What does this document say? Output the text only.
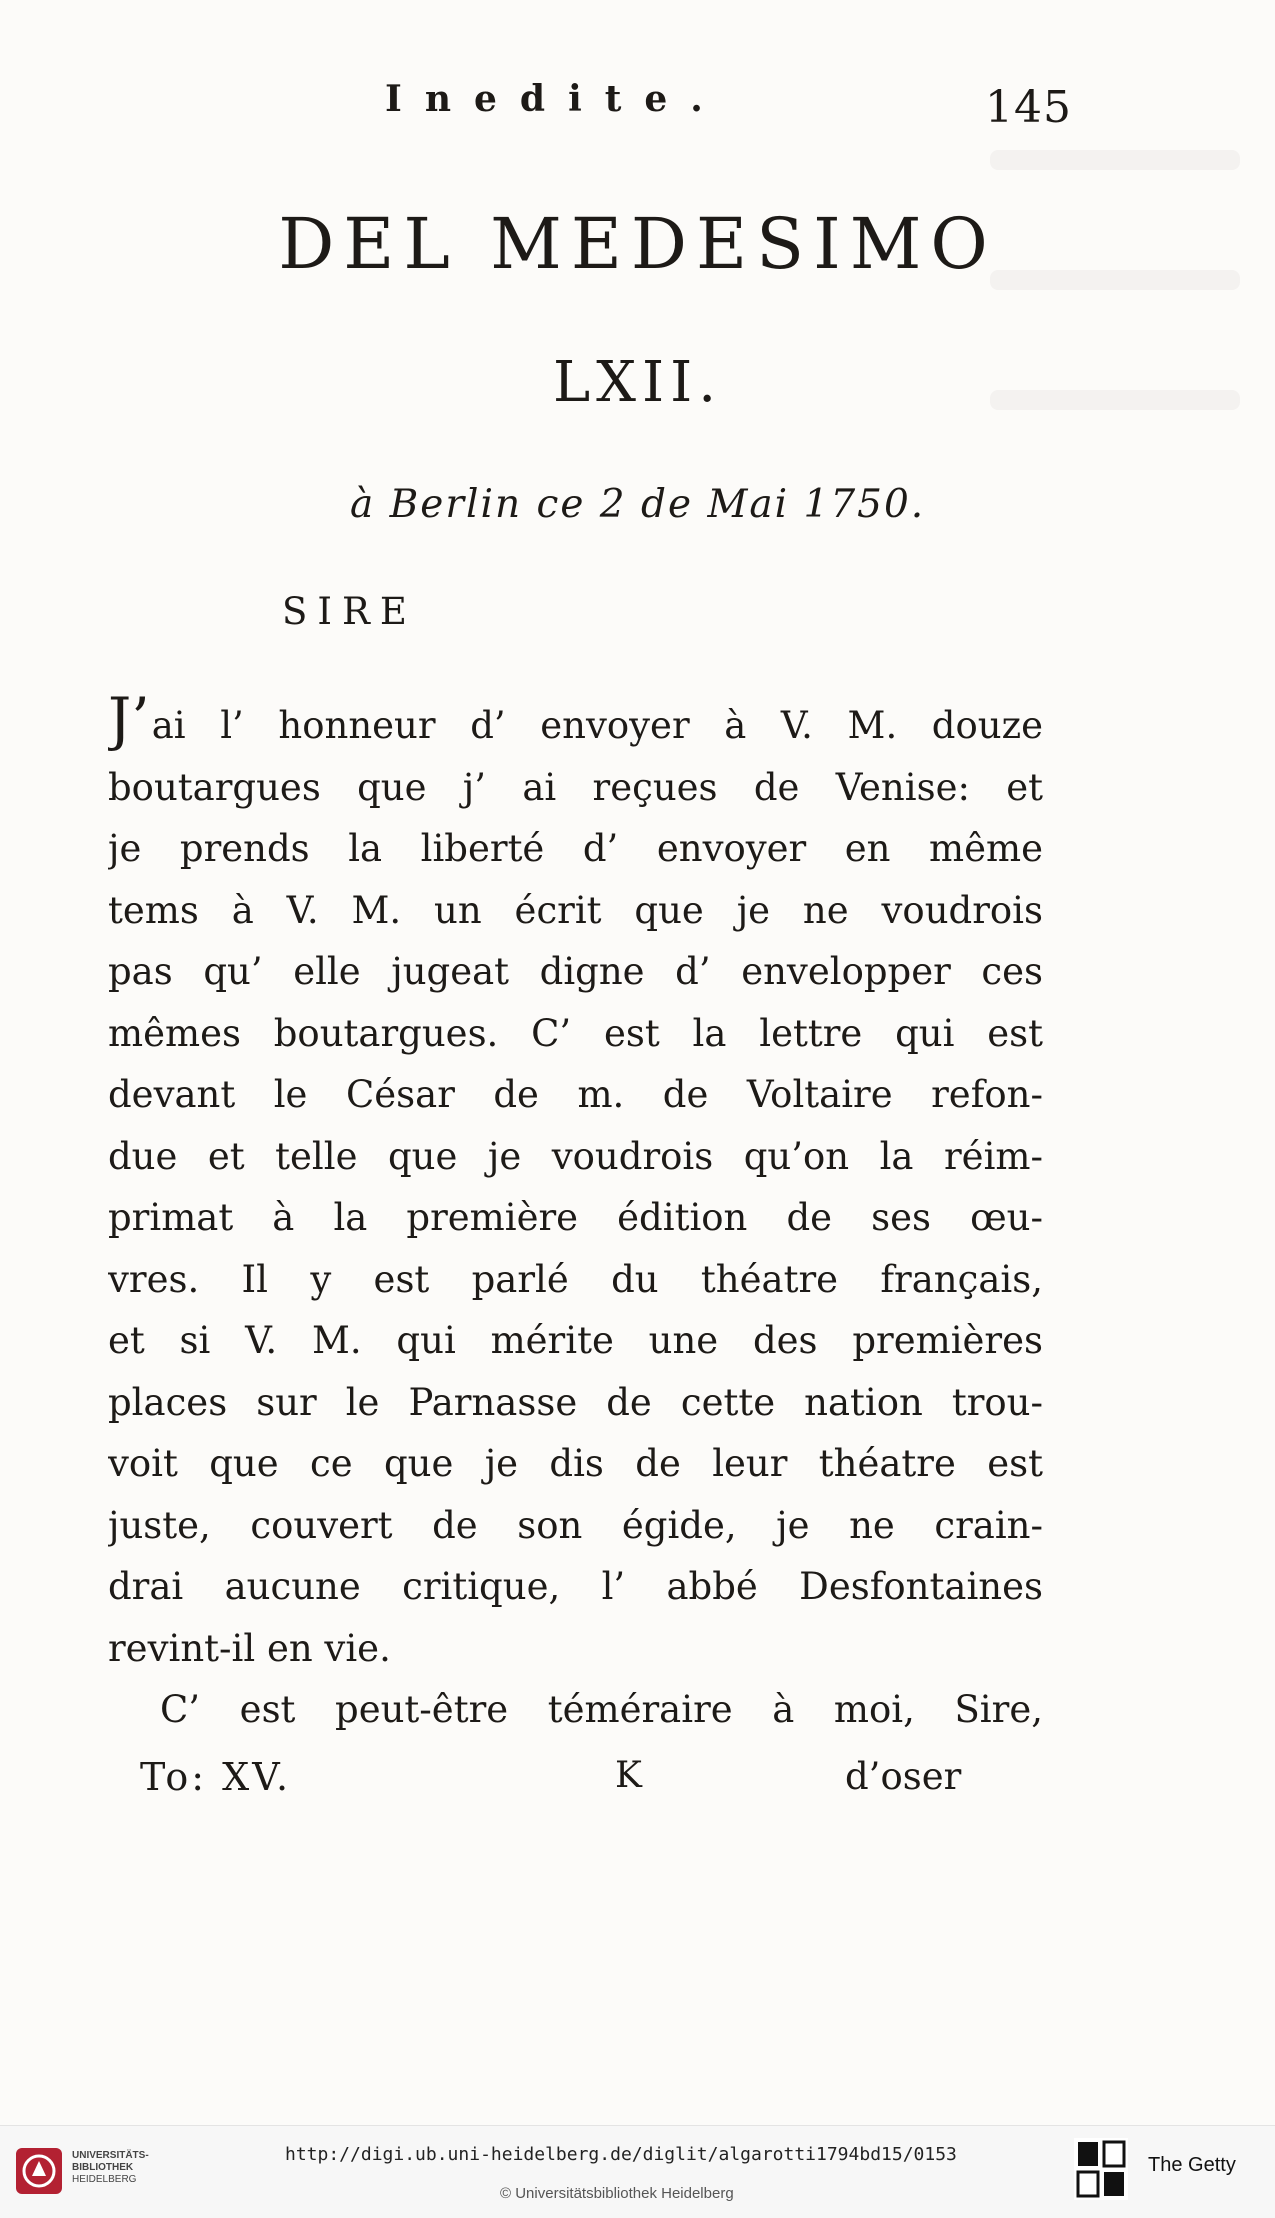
Inedite.	145
DEL MEDESIMO
LXII.
à Berlin ce 2 de Mai 1750.
SIRE
J’ai l’ honneur d’ envoyer à V. M. douze
boutargues que j’ ai reçues de Venise: et
je prends la liberté d’ envoyer en même
tems à V. M. un écrit que je ne voudrois
pas qu’ elle jugeat digne d’ envelopper ces
mêmes boutargues. C’ est la lettre qui est
devant le César de m. de Voltaire refon-
due et telle que je voudrois qu’on la réim-
primat à la première édition de ses œu-
vres. Il y est parlé du théatre français,
et si V. M. qui mérite une des premières
places sur le Parnasse de cette nation trou-
voit que ce que je dis de leur théatre est
juste, couvert de son égide, je ne crain-
drai aucune critique, l’ abbé Desfontaines
revint-il en vie.
C’ est peut-être téméraire à moi, Sire,
To: XV.	K	d’oser
UNIVERSITÄTS-
BIBLIOTHEK
HEIDELBERG
http://digi.ub.uni-heidelberg.de/diglit/algarotti1794bd15/0153
© Universitätsbibliothek Heidelberg
The Getty
